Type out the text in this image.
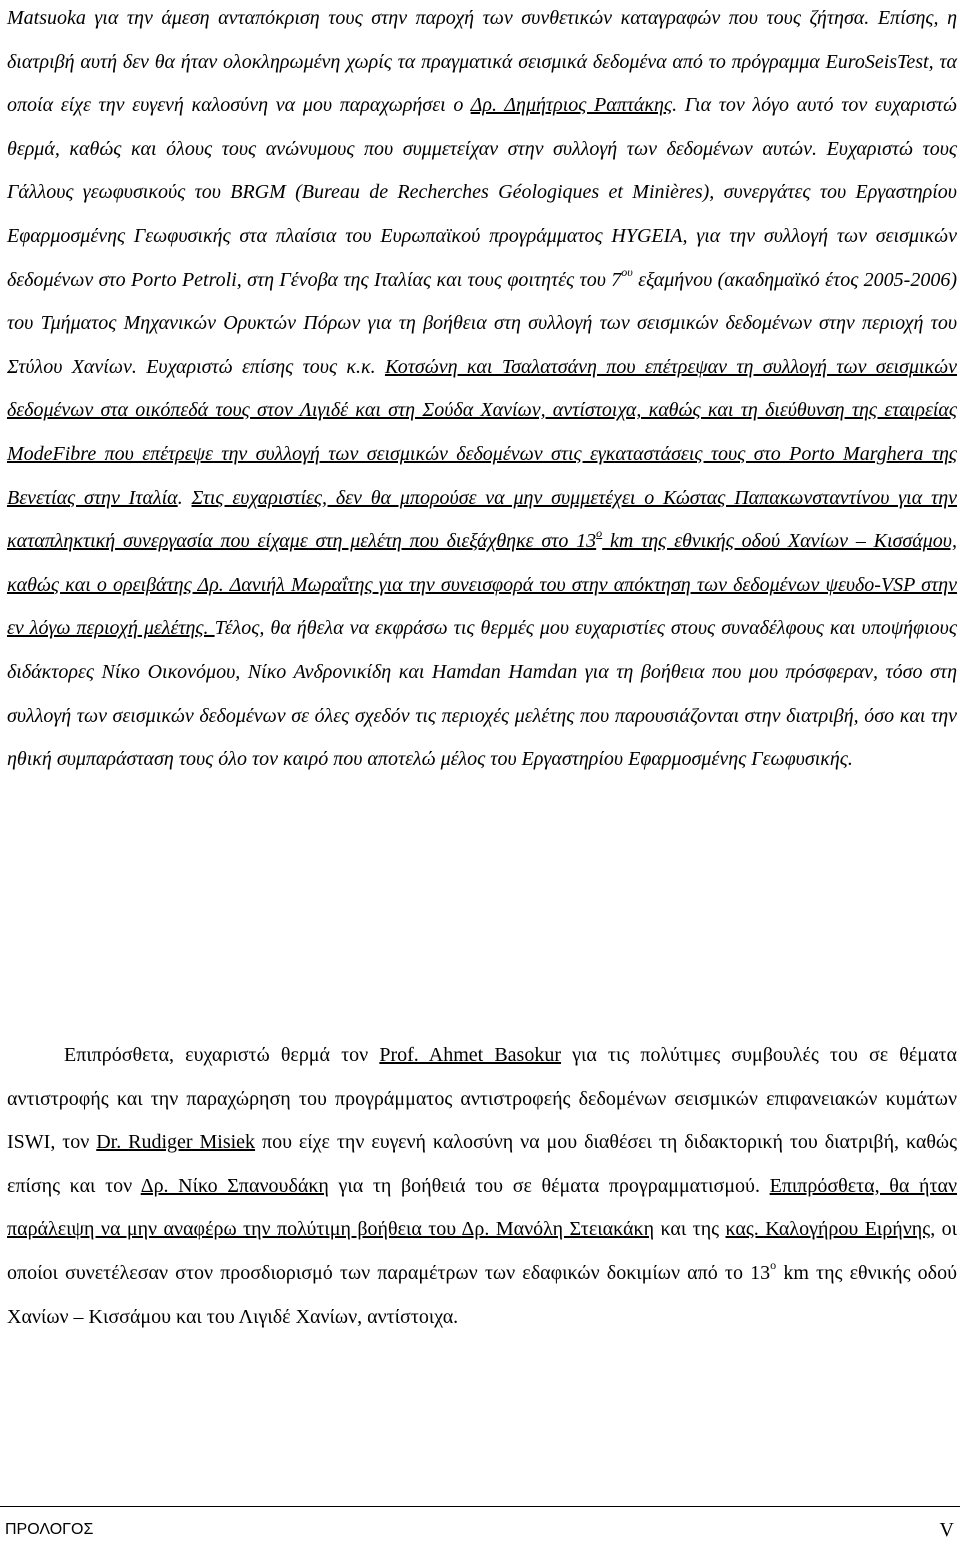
Matsuoka για την άμεση ανταπόκριση τους στην παροχή των συνθετικών καταγραφών που τους ζήτησα. Επίσης, η διατριβή αυτή δεν θα ήταν ολοκληρωμένη χωρίς τα πραγματικά σεισμικά δεδομένα από το πρόγραμμα EuroSeisTest, τα οποία είχε την ευγενή καλοσύνη να μου παραχωρήσει ο Δρ. Δημήτριος Ραπτάκης. Για τον λόγο αυτό τον ευχαριστώ θερμά, καθώς και όλους τους ανώνυμους που συμμετείχαν στην συλλογή των δεδομένων αυτών. Ευχαριστώ τους Γάλλους γεωφυσικούς του BRGM (Bureau de Recherches Géologiques et Minières), συνεργάτες του Εργαστηρίου Εφαρμοσμένης Γεωφυσικής στα πλαίσια του Ευρωπαϊκού προγράμματος HYGEIA, για την συλλογή των σεισμικών δεδομένων στο Porto Petroli, στη Γένοβα της Ιταλίας και τους φοιτητές του $7^{o\upsilon}$ εξαμήνου (ακαδημαϊκό έτος 2005-2006) του Τμήματος Μηχανικών Ορυκτών Πόρων για τη βοήθεια στη συλλογή των σεισμικών δεδομένων στην περιοχή του Στύλου Χανίων. Ευχαριστώ επίσης τους κ.κ. Κοτσώνη και Τσαλατσάνη που επέτρεψαν τη συλλογή των σεισμικών δεδομένων στα οικόπεδά τους στον Λιγιδέ και στη Σούδα Χανίων, αντίστοιχα, καθώς και τη διεύθυνση της εταιρείας ModeFibre που επέτρεψε την συλλογή των σεισμικών δεδομένων στις εγκαταστάσεις τους στο Porto Marghera της Βενετίας στην Ιταλία. Στις ευχαριστίες, δεν θα μπορούσε να μην συμμετέχει ο Κώστας Παπακωνσταντίνου για την καταπληκτική συνεργασία που είχαμε στη μελέτη που διεξάχθηκε στο $13^o$ km της εθνικής οδού Χανίων – Κισσάμου, καθώς και ο ορειβάτης Δρ. Δανιήλ Μωραΐτης για την συνεισφορά του στην απόκτηση των δεδομένων ψευδο-VSP στην εν λόγω περιοχή μελέτης. Τέλος, θα ήθελα να εκφράσω τις θερμές μου ευχαριστίες στους συναδέλφους και υποψήφιους διδάκτορες Νίκο Οικονόμου, Νίκο Ανδρονικίδη και Hamdan Hamdan για τη βοήθεια που μου πρόσφεραν, τόσο στη συλλογή των σεισμικών δεδομένων σε όλες σχεδόν τις περιοχές μελέτης που παρουσιάζονται στην διατριβή, όσο και την ηθική συμπαράσταση τους όλο τον καιρό που αποτελώ μέλος του Εργαστηρίου Εφαρμοσμένης Γεωφυσικής.

Επιπρόσθετα, ευχαριστώ θερμά τον Prof. Ahmet Basokur για τις πολύτιμες συμβουλές του σε θέματα αντιστροφής και την παραχώρηση του προγράμματος αντιστροφεής δεδομένων σεισμικών επιφανειακών κυμάτων ISWI, τον Dr. Rudiger Misiek που είχε την ευγενή καλοσύνη να μου διαθέσει τη διδακτορική του διατριβή, καθώς επίσης και τον Δρ. Νίκο Σπανουδάκη για τη βοήθειά του σε θέματα προγραμματισμού. Επιπρόσθετα, θα ήταν παράλειψη να μην αναφέρω την πολύτιμη βοήθεια του Δρ. Μανόλη Στειακάκη και της κας. Καλογήρου Ειρήνης, οι οποίοι συνετέλεσαν στον προσδιορισμό των παραμέτρων των εδαφικών δοκιμίων από το $13^o$ km της εθνικής οδού Χανίων – Κισσάμου και του Λιγιδέ Χανίων, αντίστοιχα.

ΠΡΟΛΟΓΟΣ	V
